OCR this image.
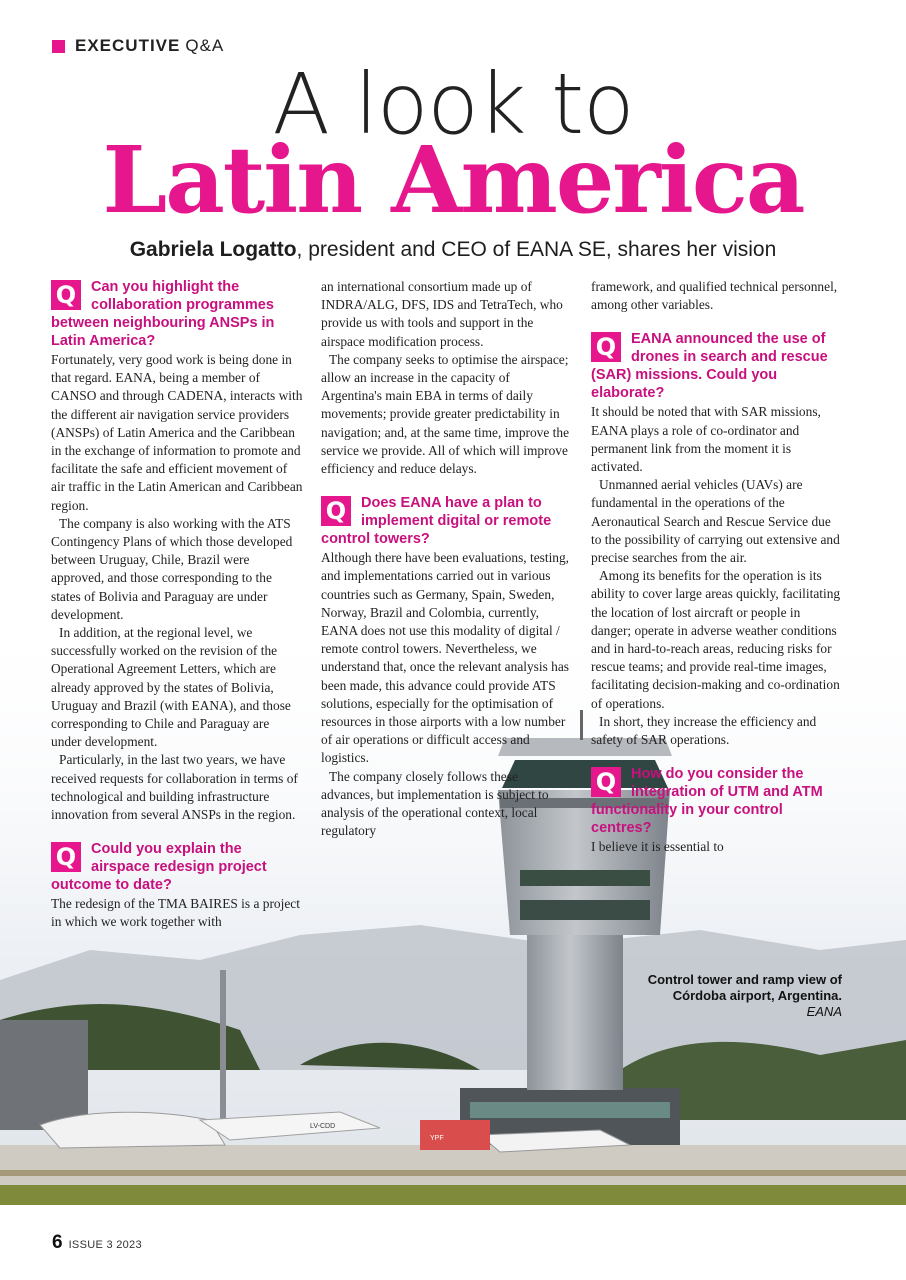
EXECUTIVE Q&A
A look to
Latin America
Gabriela Logatto, president and CEO of EANA SE, shares her vision
LV-CDD
YPF
Q	Can you highlight the collaboration programmes between neighbouring ANSPs in Latin America?

Fortunately, very good work is being done in that regard. EANA, being a member of CANSO and through CADENA, interacts with the different air navigation service providers (ANSPs) of Latin America and the Caribbean in the exchange of information to promote and facilitate the safe and efficient movement of air traffic in the Latin American and Caribbean region.

The company is also working with the ATS Contingency Plans of which those developed between Uruguay, Chile, Brazil were approved, and those corresponding to the states of Bolivia and Paraguay are under development.

In addition, at the regional level, we successfully worked on the revision of the Operational Agreement Letters, which are already approved by the states of Bolivia, Uruguay and Brazil (with EANA), and those corresponding to Chile and Paraguay are under development.

Particularly, in the last two years, we have received requests for collaboration in terms of technological and building infrastructure innovation from several ANSPs in the region.

Q	Could you explain the airspace redesign project outcome to date?

The redesign of the TMA BAIRES is a project in which we work together with

an international consortium made up of INDRA/ALG, DFS, IDS and TetraTech, who provide us with tools and support in the airspace modification process.

The company seeks to optimise the airspace; allow an increase in the capacity of Argentina's main EBA in terms of daily movements; provide greater predictability in navigation; and, at the same time, improve the service we provide. All of which will improve efficiency and reduce delays.

Q	Does EANA have a plan to implement digital or remote control towers?

Although there have been evaluations, testing, and implementations carried out in various countries such as Germany, Spain, Sweden, Norway, Brazil and Colombia, currently, EANA does not use this modality of digital / remote control towers. Nevertheless, we understand that, once the relevant analysis has been made, this advance could provide ATS solutions, especially for the optimisation of resources in those airports with a low number of air operations or difficult access and logistics.

The company closely follows these advances, but implementation is subject to analysis of the operational context, local regulatory

framework, and qualified technical personnel, among other variables.

Q	EANA announced the use of drones in search and rescue (SAR) missions. Could you elaborate?

It should be noted that with SAR missions, EANA plays a role of co-ordinator and permanent link from the moment it is activated.

Unmanned aerial vehicles (UAVs) are fundamental in the operations of the Aeronautical Search and Rescue Service due to the possibility of carrying out extensive and precise searches from the air.

Among its benefits for the operation is its ability to cover large areas quickly, facilitating the location of lost aircraft or people in danger; operate in adverse weather conditions and in hard-to-reach areas, reducing risks for rescue teams; and provide real-time images, facilitating decision-making and co-ordination of operations.

In short, they increase the efficiency and safety of SAR operations.

Q	How do you consider the integration of UTM and ATM functionality in your control centres?

I believe it is essential to

Control tower and ramp view of Córdoba airport, Argentina. EANA
6 ISSUE 3 2023
